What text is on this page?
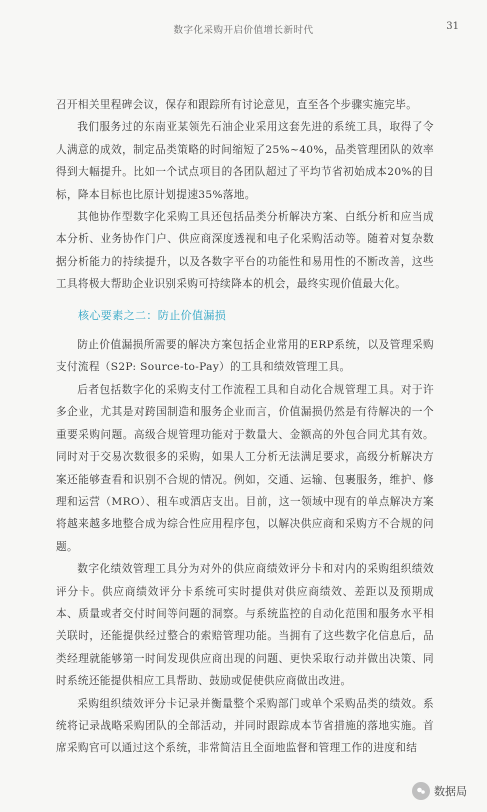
数字化采购开启价值增长新时代	31

召开相关里程碑会议，保存和跟踪所有讨论意见，直至各个步骤实施完毕。

我们服务过的东南亚某领先石油企业采用这套先进的系统工具，取得了令人满意的成效，制定品类策略的时间缩短了25%~40%，品类管理团队的效率得到大幅提升。比如一个试点项目的各团队超过了平均节省初始成本20%的目标，降本目标也比原计划提速35%落地。

其他协作型数字化采购工具还包括品类分析解决方案、白纸分析和应当成本分析、业务协作门户、供应商深度透视和电子化采购活动等。随着对复杂数据分析能力的持续提升，以及各数字平台的功能性和易用性的不断改善，这些工具将极大帮助企业识别采购可持续降本的机会，最终实现价值最大化。

核心要素之二：防止价值漏损

防止价值漏损所需要的解决方案包括企业常用的ERP系统，以及管理采购支付流程（S2P: Source-to-Pay）的工具和绩效管理工具。

后者包括数字化的采购支付工作流程工具和自动化合规管理工具。对于许多企业，尤其是对跨国制造和服务企业而言，价值漏损仍然是有待解决的一个重要采购问题。高级合规管理功能对于数量大、金额高的外包合同尤其有效。同时对于交易次数很多的采购，如果人工分析无法满足要求，高级分析解决方案还能够查看和识别不合规的情况。例如，交通、运输、包裹服务，维护、修理和运营（MRO）、租车或酒店支出。目前，这一领域中现有的单点解决方案将越来越多地整合成为综合性应用程序包，以解决供应商和采购方不合规的问题。

数字化绩效管理工具分为对外的供应商绩效评分卡和对内的采购组织绩效评分卡。供应商绩效评分卡系统可实时提供对供应商绩效、差距以及预期成本、质量或者交付时间等问题的洞察。与系统监控的自动化范围和服务水平相关联时，还能提供经过整合的索赔管理功能。当拥有了这些数字化信息后，品类经理就能够第一时间发现供应商出现的问题、更快采取行动并做出决策、同时系统还能提供相应工具帮助、鼓励或促使供应商做出改进。

采购组织绩效评分卡记录并衡量整个采购部门或单个采购品类的绩效。系统将记录战略采购团队的全部活动，并同时跟踪成本节省措施的落地实施。首席采购官可以通过这个系统，非常简洁且全面地监督和管理工作的进度和结

数据局
